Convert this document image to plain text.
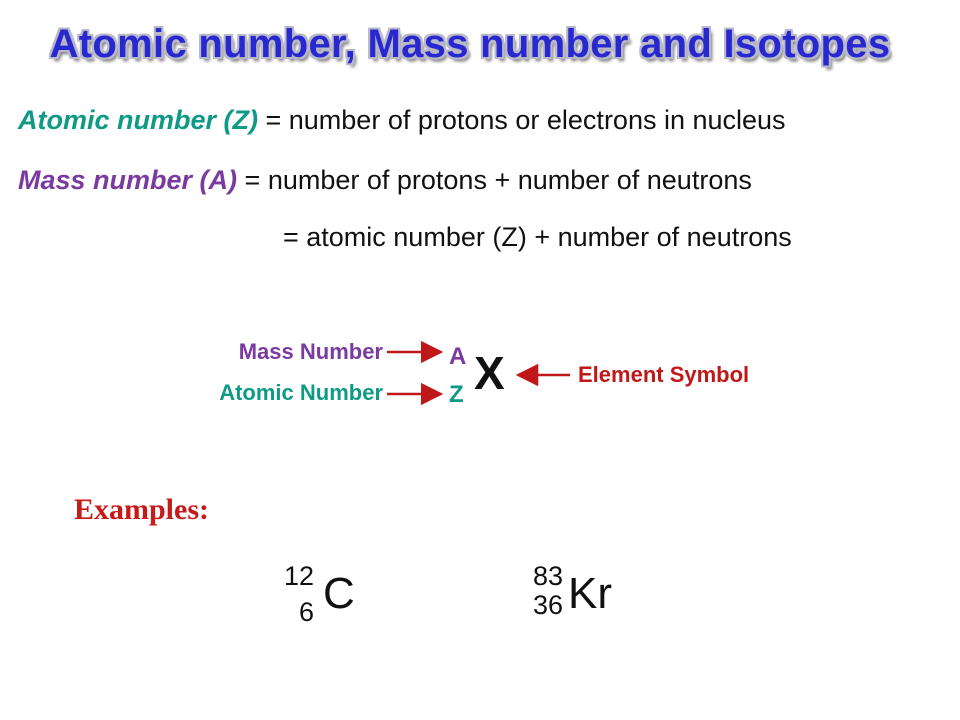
Atomic number, Mass number and Isotopes
Atomic number (Z) = number of protons or electrons in nucleus
Mass number (A) = number of protons + number of neutrons
= atomic number (Z) + number of neutrons
Mass Number
Atomic Number
Element Symbol
A
Z X
Examples:
12
6 C	83
36 Kr
